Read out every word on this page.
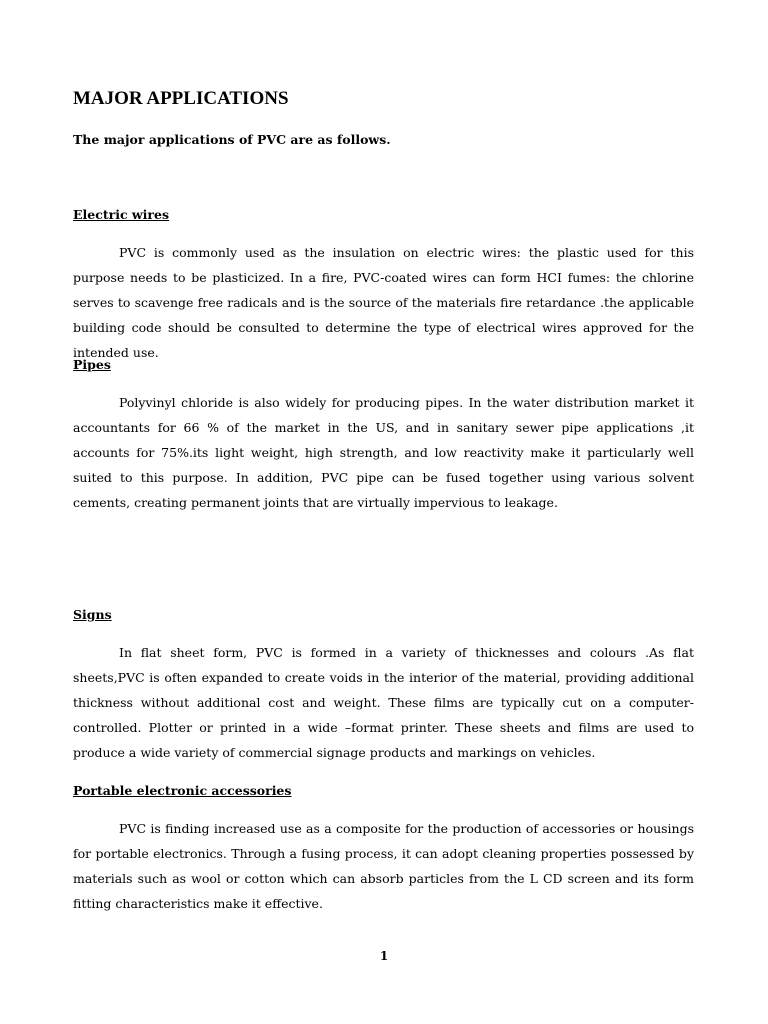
MAJOR APPLICATIONS

The major applications of PVC are as follows.

Electric wires

PVC is commonly used as the insulation on electric wires: the plastic used for this purpose needs to be plasticized. In a fire, PVC-coated wires can form HCI fumes: the chlorine serves to scavenge free radicals and is the source of the materials fire retardance .the applicable building code should be consulted to determine the type of electrical wires approved for the intended use.

Pipes

Polyvinyl chloride is also widely for producing pipes. In the water distribution market it accountants for 66 % of the market in the US, and in sanitary sewer pipe applications ,it accounts for 75%.its light weight, high strength, and low reactivity make it particularly well suited to this purpose. In addition, PVC pipe can be fused together using various solvent cements, creating permanent joints that are virtually impervious to leakage.

Signs

In flat sheet form, PVC is formed in a variety of thicknesses and colours .As flat sheets,PVC is often expanded to create voids in the interior of the material, providing additional thickness without additional cost and weight. These films are typically cut on a computer-controlled. Plotter or printed in a wide –format printer. These sheets and films are used to produce a wide variety of commercial signage products and markings on vehicles.

Portable electronic accessories

PVC is finding increased use as a composite for the production of accessories or housings for portable electronics. Through a fusing process, it can adopt cleaning properties possessed by materials such as wool or cotton which can absorb particles from the L CD screen and its form fitting characteristics make it effective.

1
